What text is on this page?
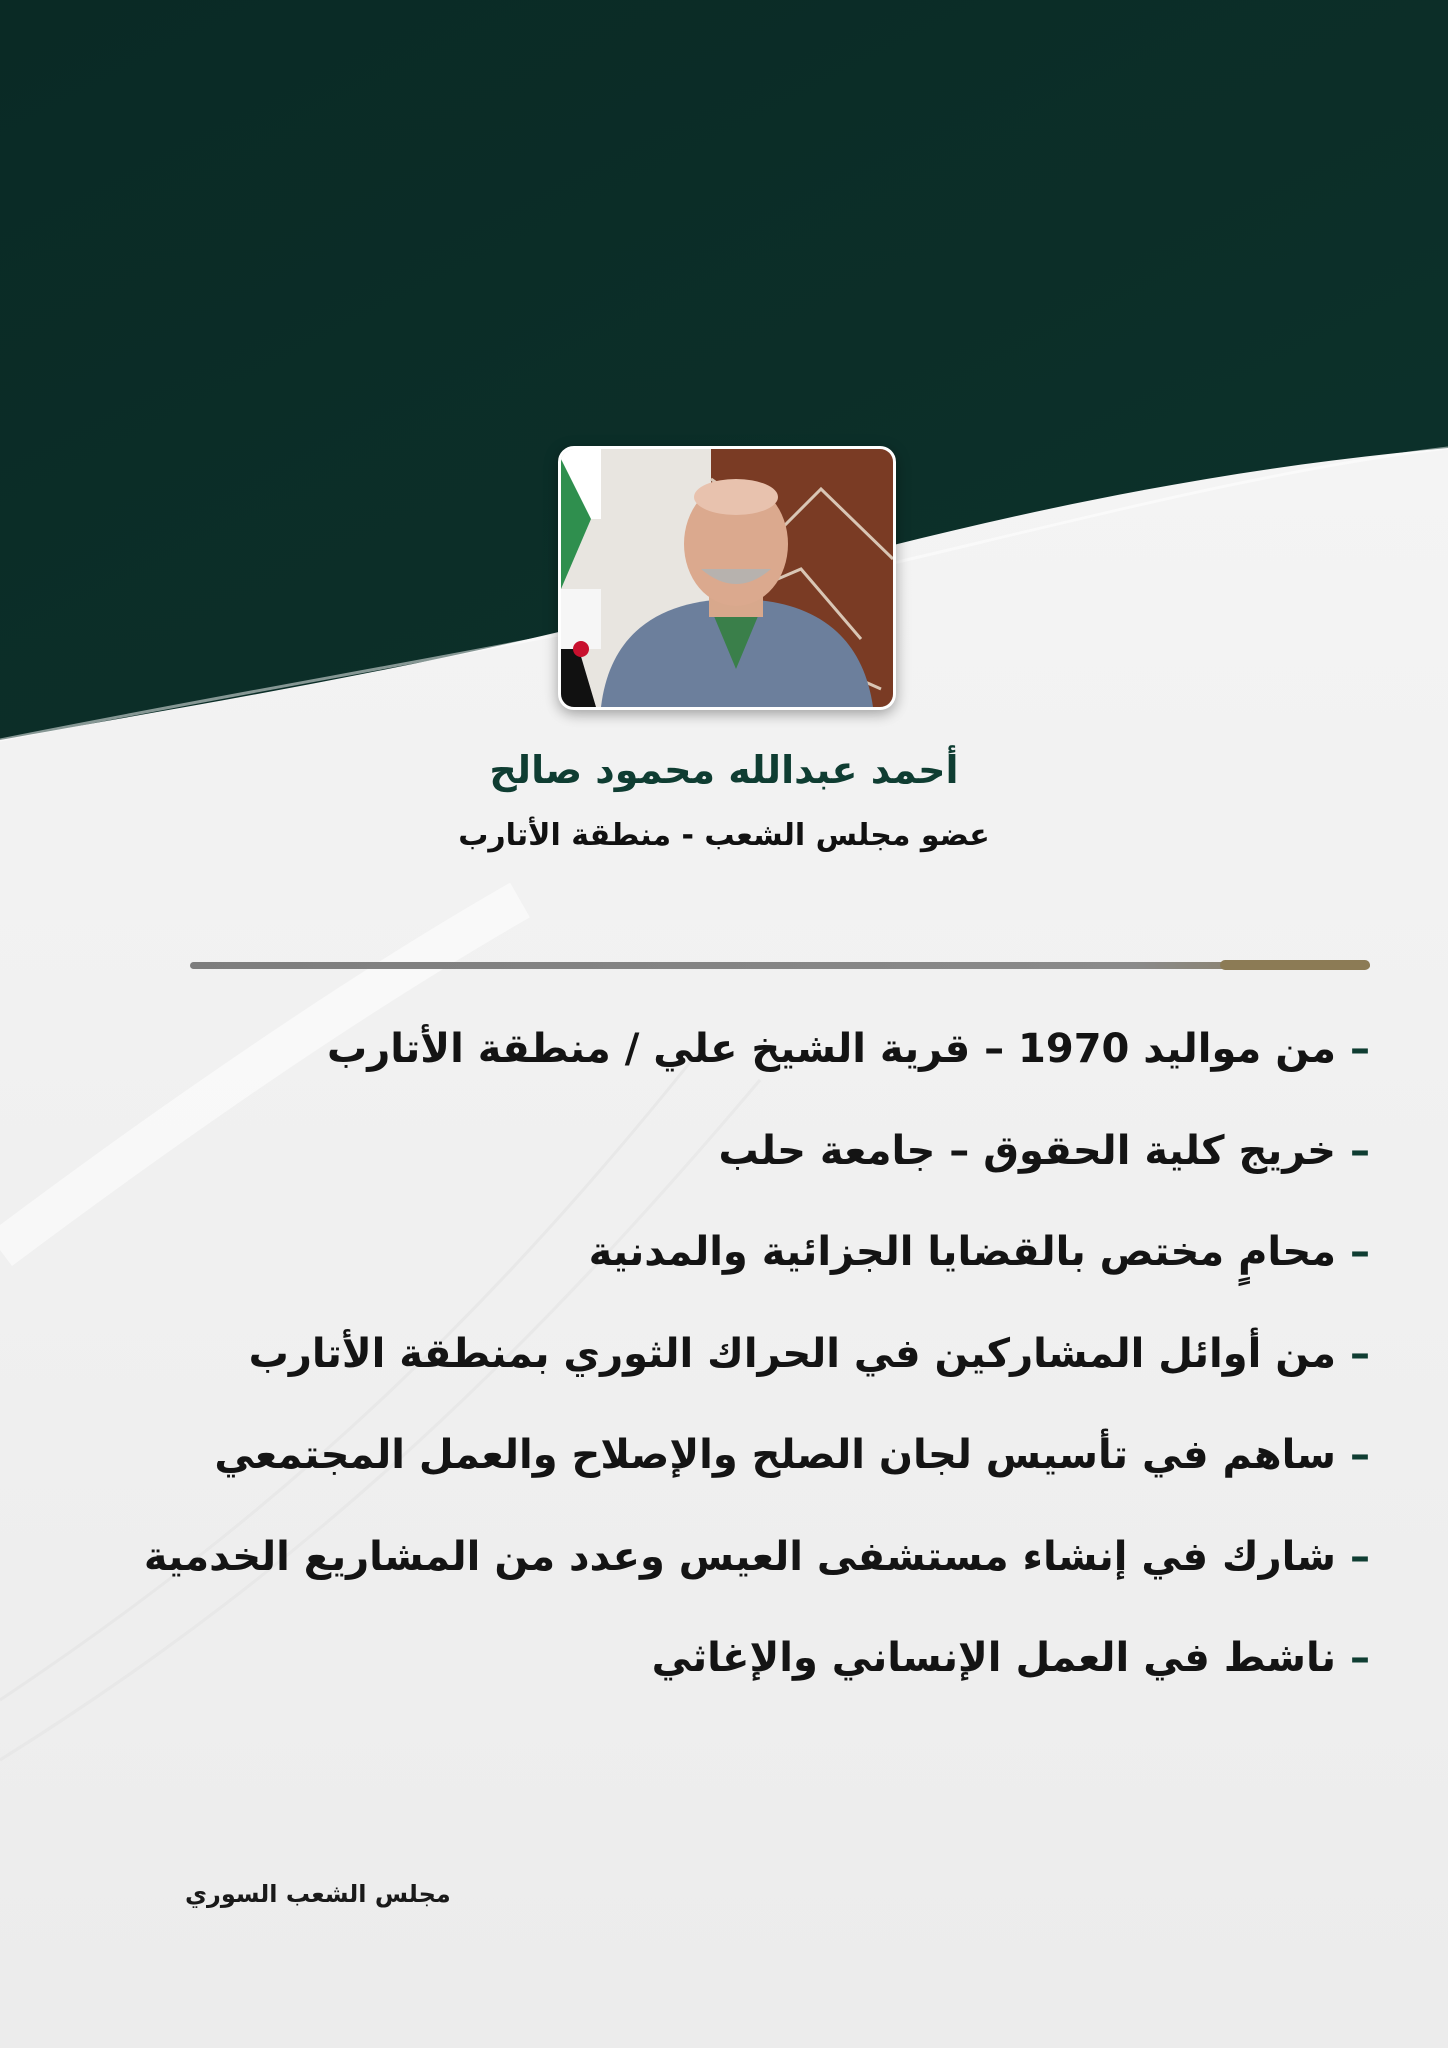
أحمد عبدالله محمود صالح
عضو مجلس الشعب - منطقة الأتارب
–من مواليد 1970 – قرية الشيخ علي / منطقة الأتارب
–خريج كلية الحقوق – جامعة حلب
–محامٍ مختص بالقضايا الجزائية والمدنية
–من أوائل المشاركين في الحراك الثوري بمنطقة الأتارب
–ساهم في تأسيس لجان الصلح والإصلاح والعمل المجتمعي
–شارك في إنشاء مستشفى العيس وعدد من المشاريع الخدمية
–ناشط في العمل الإنساني والإغاثي
مجلس الشعب السوري
